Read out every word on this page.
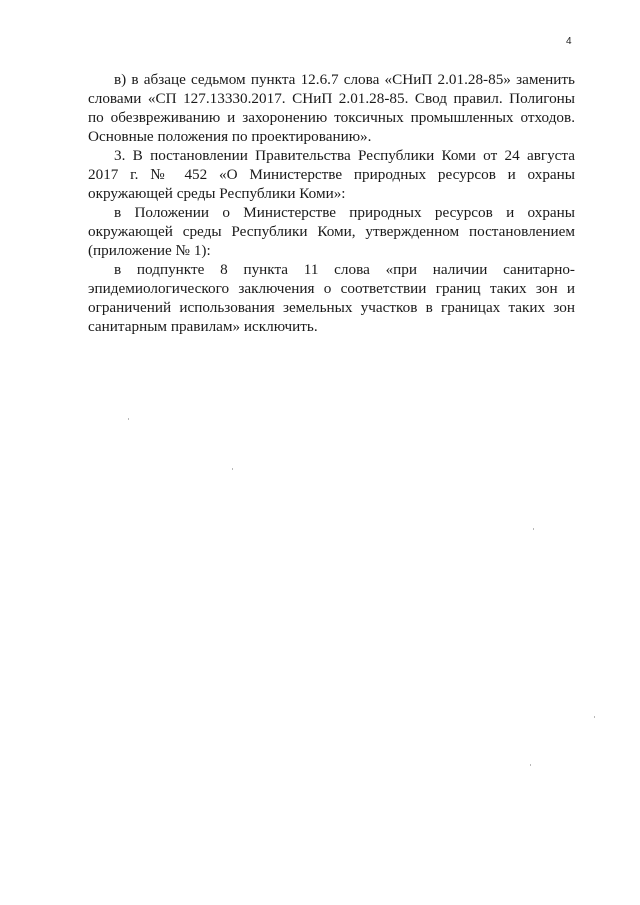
4

в) в абзаце седьмом пункта 12.6.7 слова «СНиП 2.01.28-85» заменить словами «СП 127.13330.2017. СНиП 2.01.28-85. Свод правил. Полигоны по обезвреживанию и захоронению токсичных промышленных отходов. Основные положения по проектированию».

3. В постановлении Правительства Республики Коми от 24 августа 2017 г. № 452 «О Министерстве природных ресурсов и охраны окружающей среды Республики Коми»:

в Положении о Министерстве природных ресурсов и охраны окружающей среды Республики Коми, утвержденном постановлением (приложение № 1):

в подпункте 8 пункта 11 слова «при наличии санитарно-эпидемиологического заключения о соответствии границ таких зон и ограничений использования земельных участков в границах таких зон санитарным правилам» исключить.
